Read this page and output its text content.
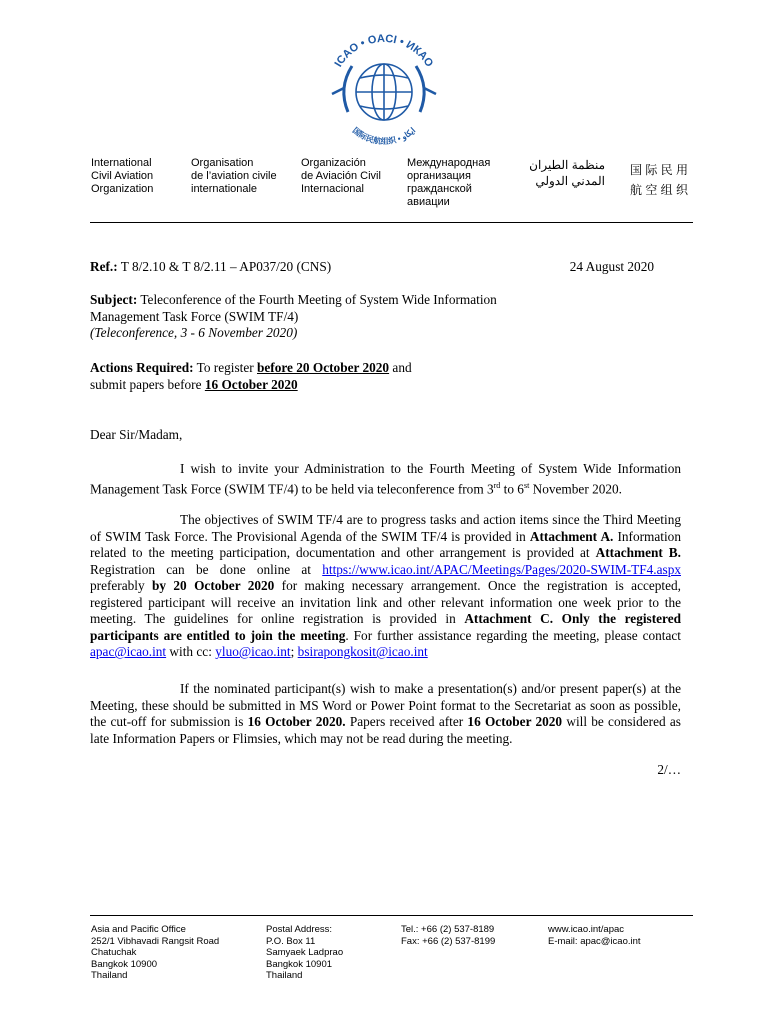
ICAO • OACI • ИКАО
国际民航组织 • ايكاو
International
Civil Aviation
Organization
Organisation
de l’aviation civile
internationale
Organización
de Aviación Civil
Internacional
Международная
организация
гражданской
авиации
منظمة الطيران
المدني الدولي
国 际 民 用
航 空 组 织
Ref.: T 8/2.10 & T 8/2.11 – AP037/20 (CNS)	24 August 2020
Subject: Teleconference of the Fourth Meeting of System Wide Information
Management Task Force (SWIM TF/4)
(Teleconference, 3 - 6 November 2020)
Actions Required: To register before 20 October 2020 and
submit papers before 16 October 2020
Dear Sir/Madam,
I wish to invite your Administration to the Fourth Meeting of System Wide Information Management Task Force (SWIM TF/4) to be held via teleconference from 3rd to 6st November 2020.
The objectives of SWIM TF/4 are to progress tasks and action items since the Third Meeting of SWIM Task Force. The Provisional Agenda of the SWIM TF/4 is provided in Attachment A. Information related to the meeting participation, documentation and other arrangement is provided at Attachment B. Registration can be done online at https://www.icao.int/APAC/Meetings/Pages/2020-SWIM-TF4.aspx preferably by 20 October 2020 for making necessary arrangement. Once the registration is accepted, registered participant will receive an invitation link and other relevant information one week prior to the meeting. The guidelines for online registration is provided in Attachment C. Only the registered participants are entitled to join the meeting. For further assistance regarding the meeting, please contact apac@icao.int with cc: yluo@icao.int; bsirapongkosit@icao.int
If the nominated participant(s) wish to make a presentation(s) and/or present paper(s) at the Meeting, these should be submitted in MS Word or Power Point format to the Secretariat as soon as possible, the cut-off for submission is 16 October 2020. Papers received after 16 October 2020 will be considered as late Information Papers or Flimsies, which may not be read during the meeting.
2/…
Asia and Pacific Office
252/1 Vibhavadi Rangsit Road
Chatuchak
Bangkok 10900
Thailand
Postal Address:
P.O. Box 11
Samyaek Ladprao
Bangkok 10901
Thailand
Tel.: +66 (2) 537-8189
Fax: +66 (2) 537-8199
www.icao.int/apac
E-mail: apac@icao.int
